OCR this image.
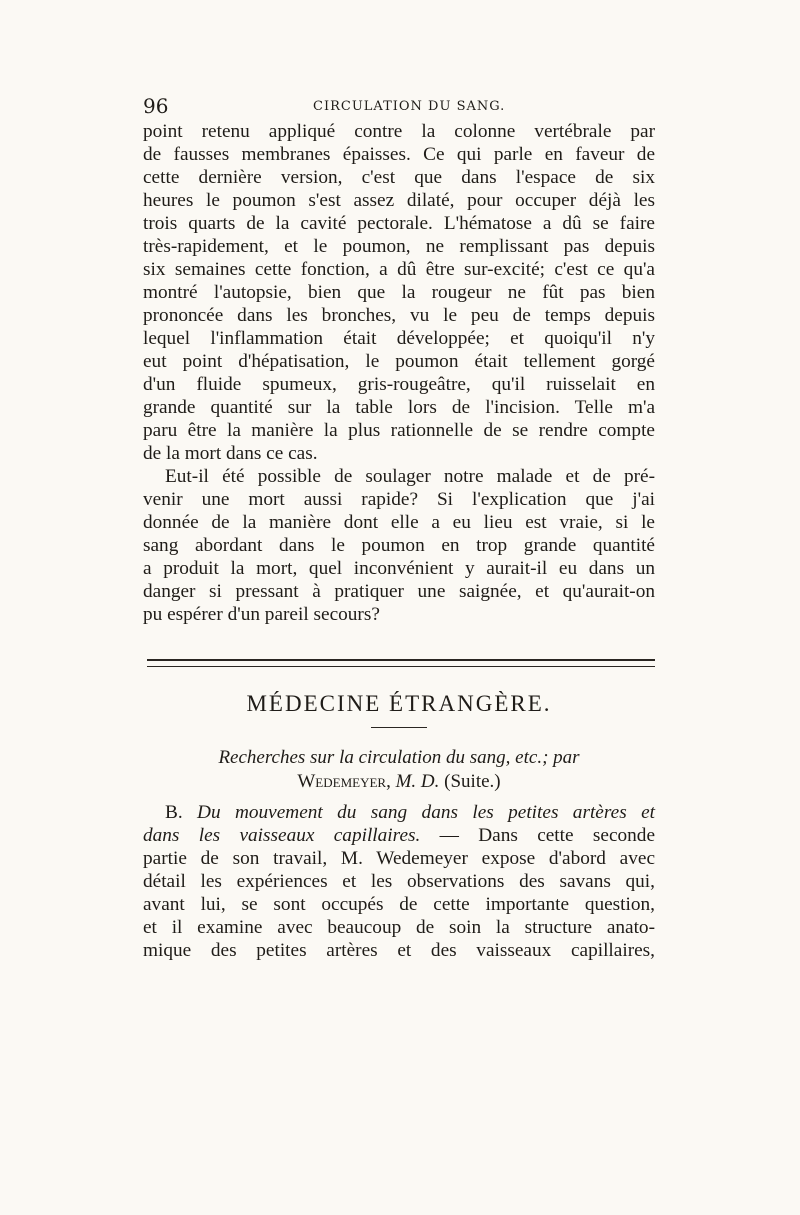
96	CIRCULATION DU SANG.
point retenu appliqué contre la colonne vertébrale par
de fausses membranes épaisses. Ce qui parle en faveur de
cette dernière version, c'est que dans l'espace de six
heures le poumon s'est assez dilaté, pour occuper déjà les
trois quarts de la cavité pectorale. L'hématose a dû se faire
très-rapidement, et le poumon, ne remplissant pas depuis
six semaines cette fonction, a dû être sur-excité; c'est ce qu'a
montré l'autopsie, bien que la rougeur ne fût pas bien
prononcée dans les bronches, vu le peu de temps depuis
lequel l'inflammation était développée; et quoiqu'il n'y
eut point d'hépatisation, le poumon était tellement gorgé
d'un fluide spumeux, gris-rougeâtre, qu'il ruisselait en
grande quantité sur la table lors de l'incision. Telle m'a
paru être la manière la plus rationnelle de se rendre compte
de la mort dans ce cas.
Eut-il été possible de soulager notre malade et de pré-
venir une mort aussi rapide? Si l'explication que j'ai
donnée de la manière dont elle a eu lieu est vraie, si le
sang abordant dans le poumon en trop grande quantité
a produit la mort, quel inconvénient y aurait-il eu dans un
danger si pressant à pratiquer une saignée, et qu'aurait-on
pu espérer d'un pareil secours?
MÉDECINE ÉTRANGÈRE.
Recherches sur la circulation du sang, etc.; par
Wedemeyer, M. D. (Suite.)
B. Du mouvement du sang dans les petites artères et
dans les vaisseaux capillaires. — Dans cette seconde
partie de son travail, M. Wedemeyer expose d'abord avec
détail les expériences et les observations des savans qui,
avant lui, se sont occupés de cette importante question,
et il examine avec beaucoup de soin la structure anato-
mique des petites artères et des vaisseaux capillaires,
